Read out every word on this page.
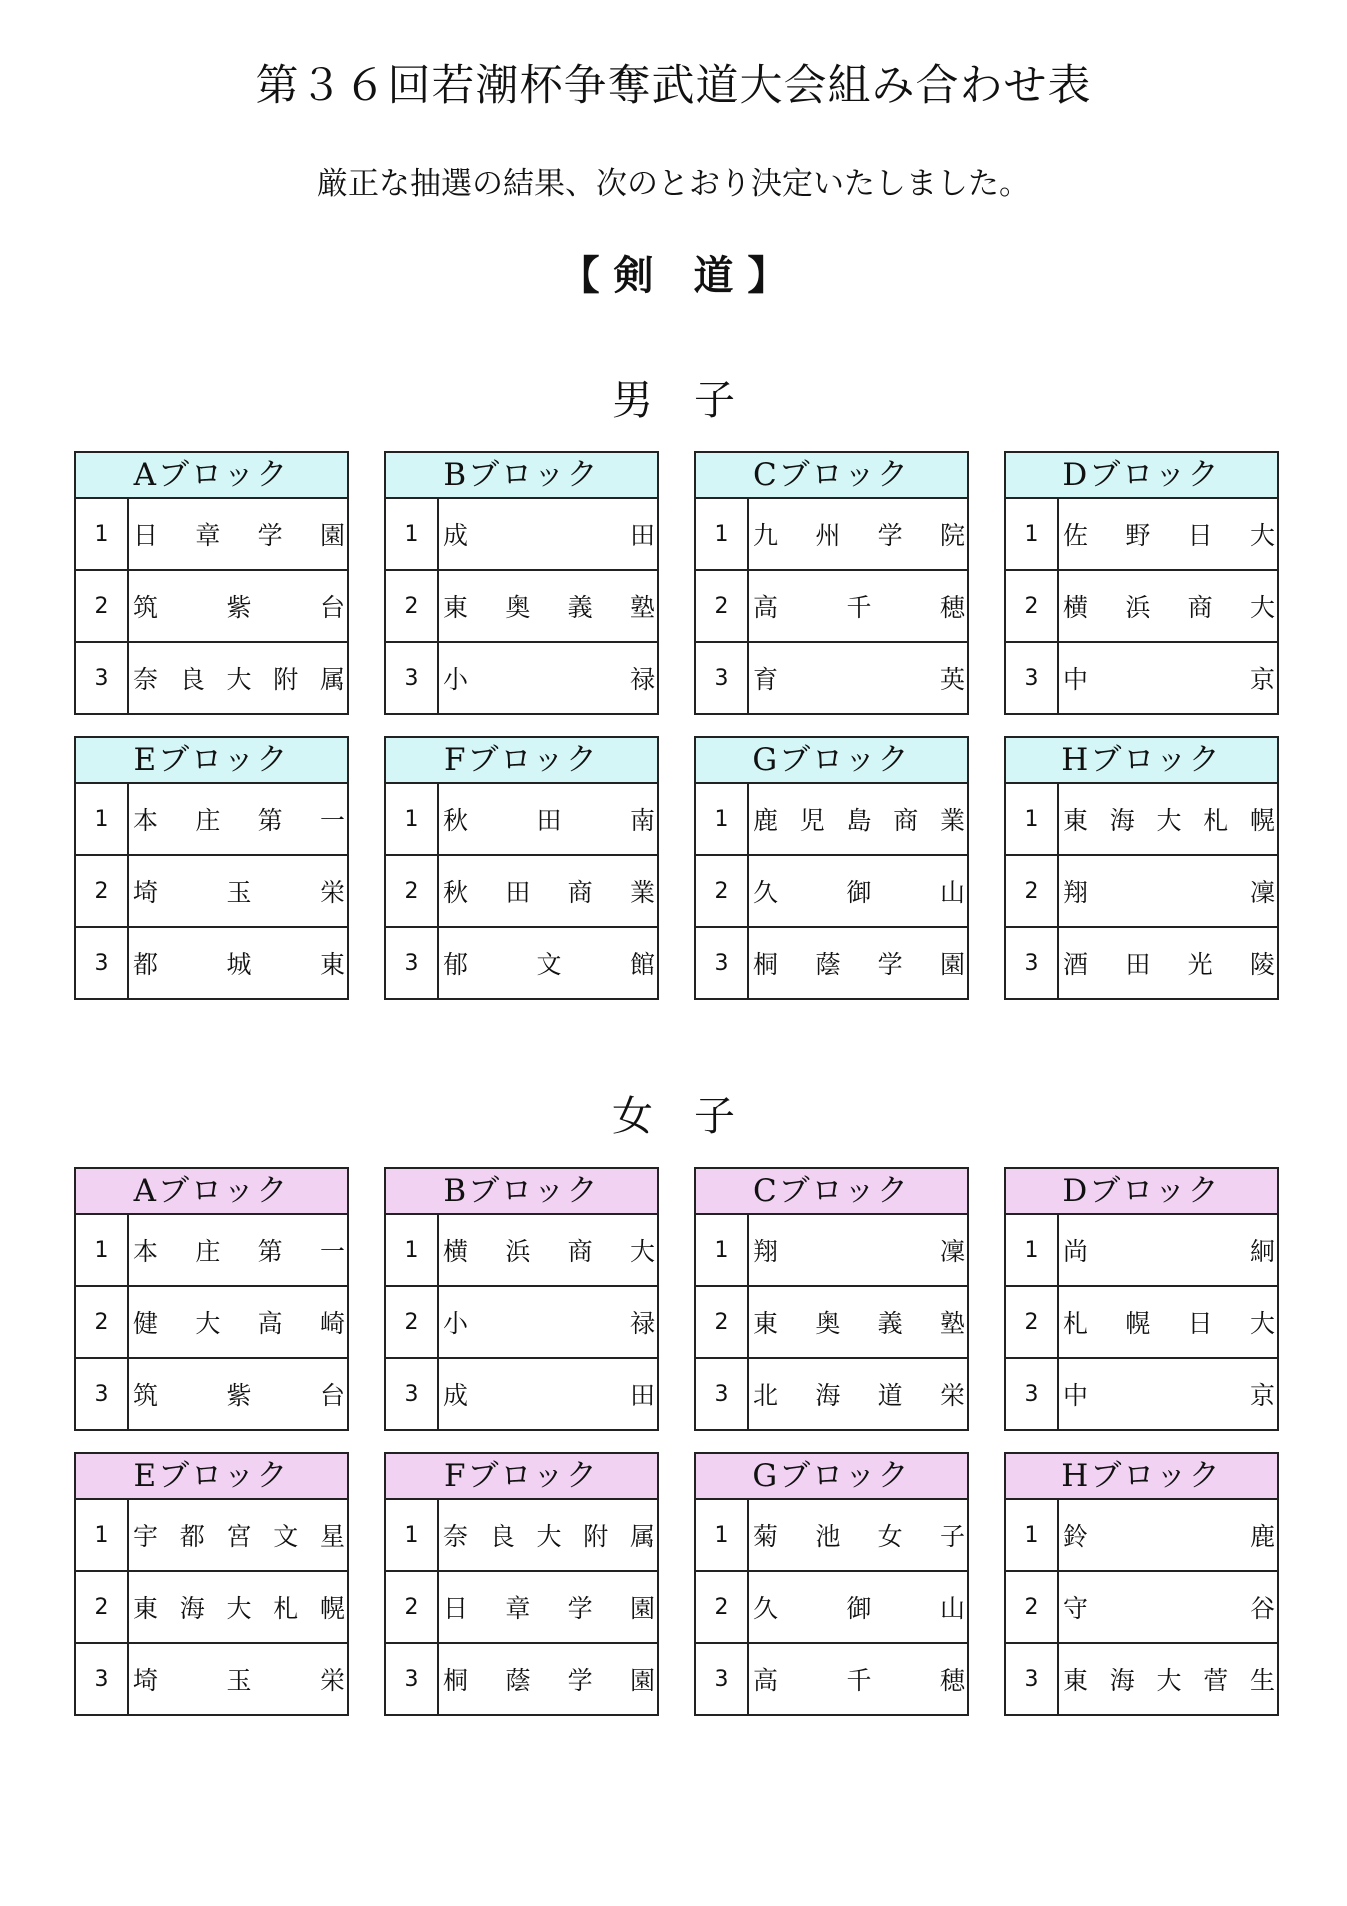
第３６回若潮杯争奪武道大会組み合わせ表
厳正な抽選の結果、次のとおり決定いたしました。
【 剣　道 】
男　子
Aブロック
1 日 章 学 園
2 筑	紫	台
3 奈 良 大 附 属
Bブロック
1 成	田
2 東 奥 義 塾
3 小	禄
Cブロック
1 九 州 学 院
2 高	千	穂
3 育	英
Dブロック
1 佐 野 日 大
2 横 浜 商 大
3 中	京
Eブロック
1 本 庄 第 一
2 埼	玉	栄
3 都	城	東
Fブロック
1 秋	田	南
2 秋 田 商 業
3 郁	文	館
Gブロック
1 鹿 児 島 商 業
2 久	御	山
3 桐 蔭 学 園
Hブロック
1 東 海 大 札 幌
2 翔	凜
3 酒 田 光 陵
女　子
Aブロック
1 本 庄 第 一
2 健 大 高 崎
3 筑	紫	台
Bブロック
1 横 浜 商 大
2 小	禄
3 成	田
Cブロック
1 翔	凜
2 東 奥 義 塾
3 北 海 道 栄
Dブロック
1 尚	絅
2 札 幌 日 大
3 中	京
Eブロック
1 宇 都 宮 文 星
2 東 海 大 札 幌
3 埼	玉	栄
Fブロック
1 奈 良 大 附 属
2 日 章 学 園
3 桐 蔭 学 園
Gブロック
1 菊 池 女 子
2 久	御	山
3 高	千	穂
Hブロック
1 鈴	鹿
2 守	谷
3 東 海 大 菅 生
